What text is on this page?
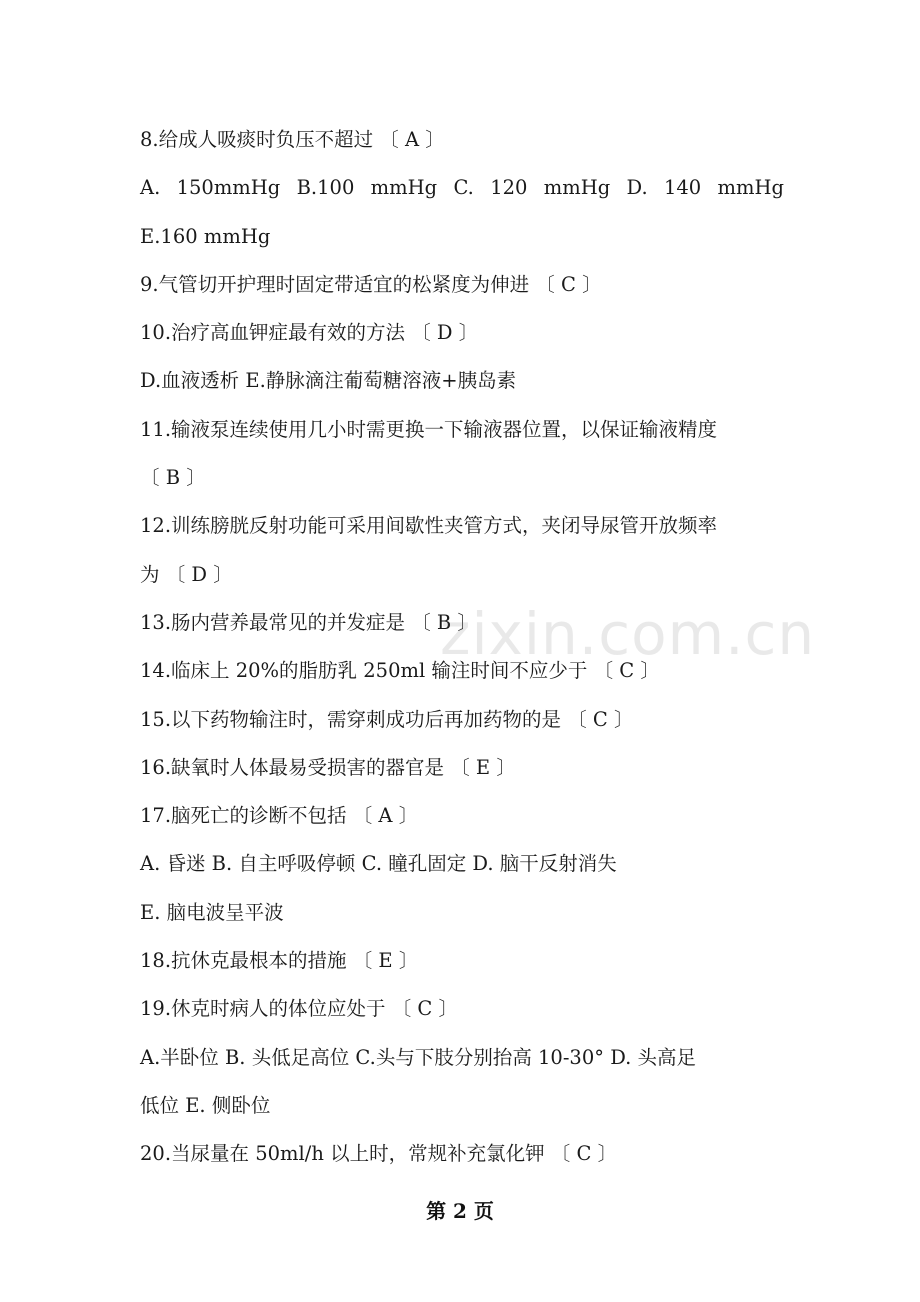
8.给成人吸痰时负压不超过 〔 A 〕
A. 150mmHg B.100 mmHg C. 120 mmHg D. 140 mmHg
E.160 mmHg
9.气管切开护理时固定带适宜的松紧度为伸进 〔 C 〕
10.治疗高血钾症最有效的方法 〔 D 〕
D.血液透析 E.静脉滴注葡萄糖溶液+胰岛素
11.输液泵连续使用几小时需更换一下输液器位置，以保证输液精度
〔 B 〕
12.训练膀胱反射功能可采用间歇性夹管方式，夹闭导尿管开放频率
为 〔 D 〕
13.肠内营养最常见的并发症是 〔 B 〕
14.临床上 20%的脂肪乳 250ml 输注时间不应少于 〔 C 〕
15.以下药物输注时，需穿刺成功后再加药物的是 〔 C 〕
16.缺氧时人体最易受损害的器官是 〔 E 〕
17.脑死亡的诊断不包括 〔 A 〕
A. 昏迷 B. 自主呼吸停顿 C. 瞳孔固定 D. 脑干反射消失
E. 脑电波呈平波
18.抗休克最根本的措施 〔 E 〕
19.休克时病人的体位应处于 〔 C 〕
A.半卧位 B. 头低足高位 C.头与下肢分别抬高 10-30° D. 头高足
低位 E. 侧卧位
20.当尿量在 50ml/h 以上时，常规补充氯化钾 〔 C 〕
zixin.com.cn
第 2 页
